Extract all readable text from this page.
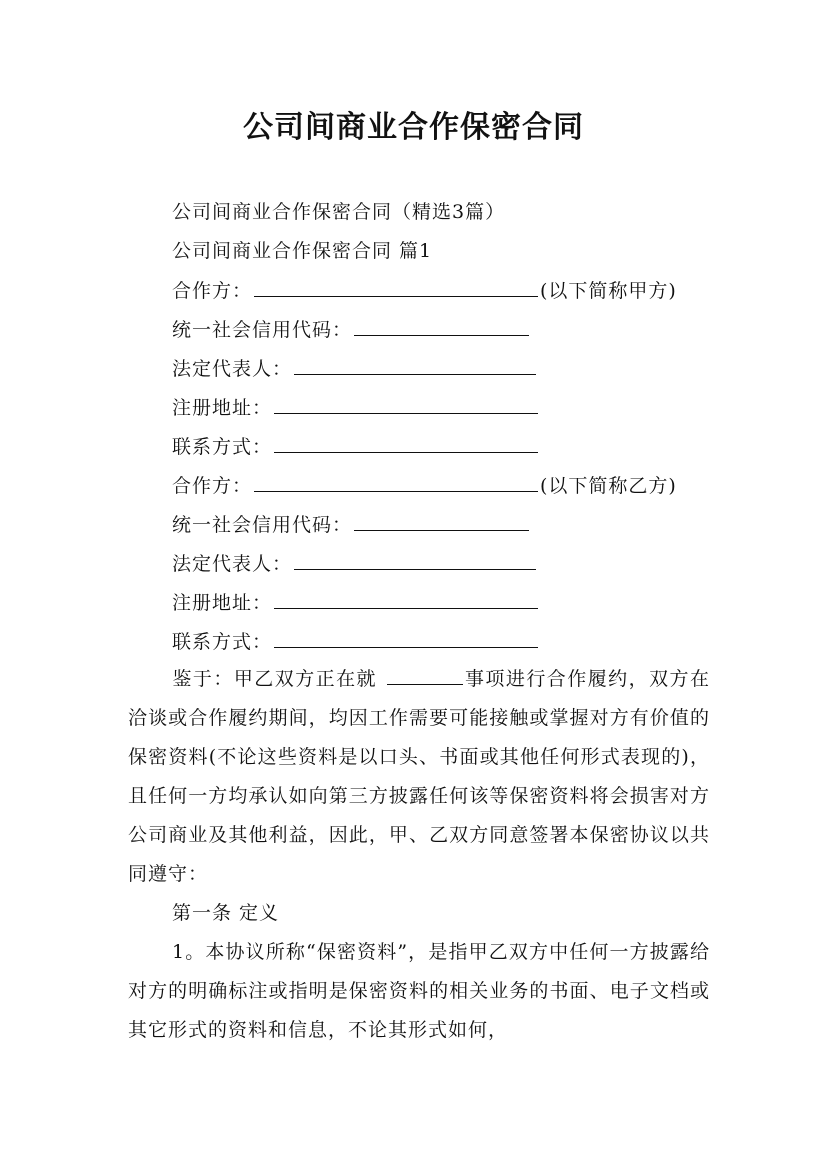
公司间商业合作保密合同
公司间商业合作保密合同（精选3篇）
公司间商业合作保密合同 篇1
合作方：	(以下简称甲方)
统一社会信用代码：
法定代表人：
注册地址：
联系方式：
合作方：	(以下简称乙方)
统一社会信用代码：
法定代表人：
注册地址：
联系方式：
鉴于：甲乙双方正在就	事项进行合作履约，双方在洽谈或合作履约期间，均因工作需要可能接触或掌握对方有价值的保密资料(不论这些资料是以口头、书面或其他任何形式表现的)，且任何一方均承认如向第三方披露任何该等保密资料将会损害对方公司商业及其他利益，因此，甲、乙双方同意签署本保密协议以共同遵守：
第一条 定义
1。本协议所称“保密资料”，是指甲乙双方中任何一方披露给对方的明确标注或指明是保密资料的相关业务的书面、电子文档或其它形式的资料和信息，不论其形式如何，
